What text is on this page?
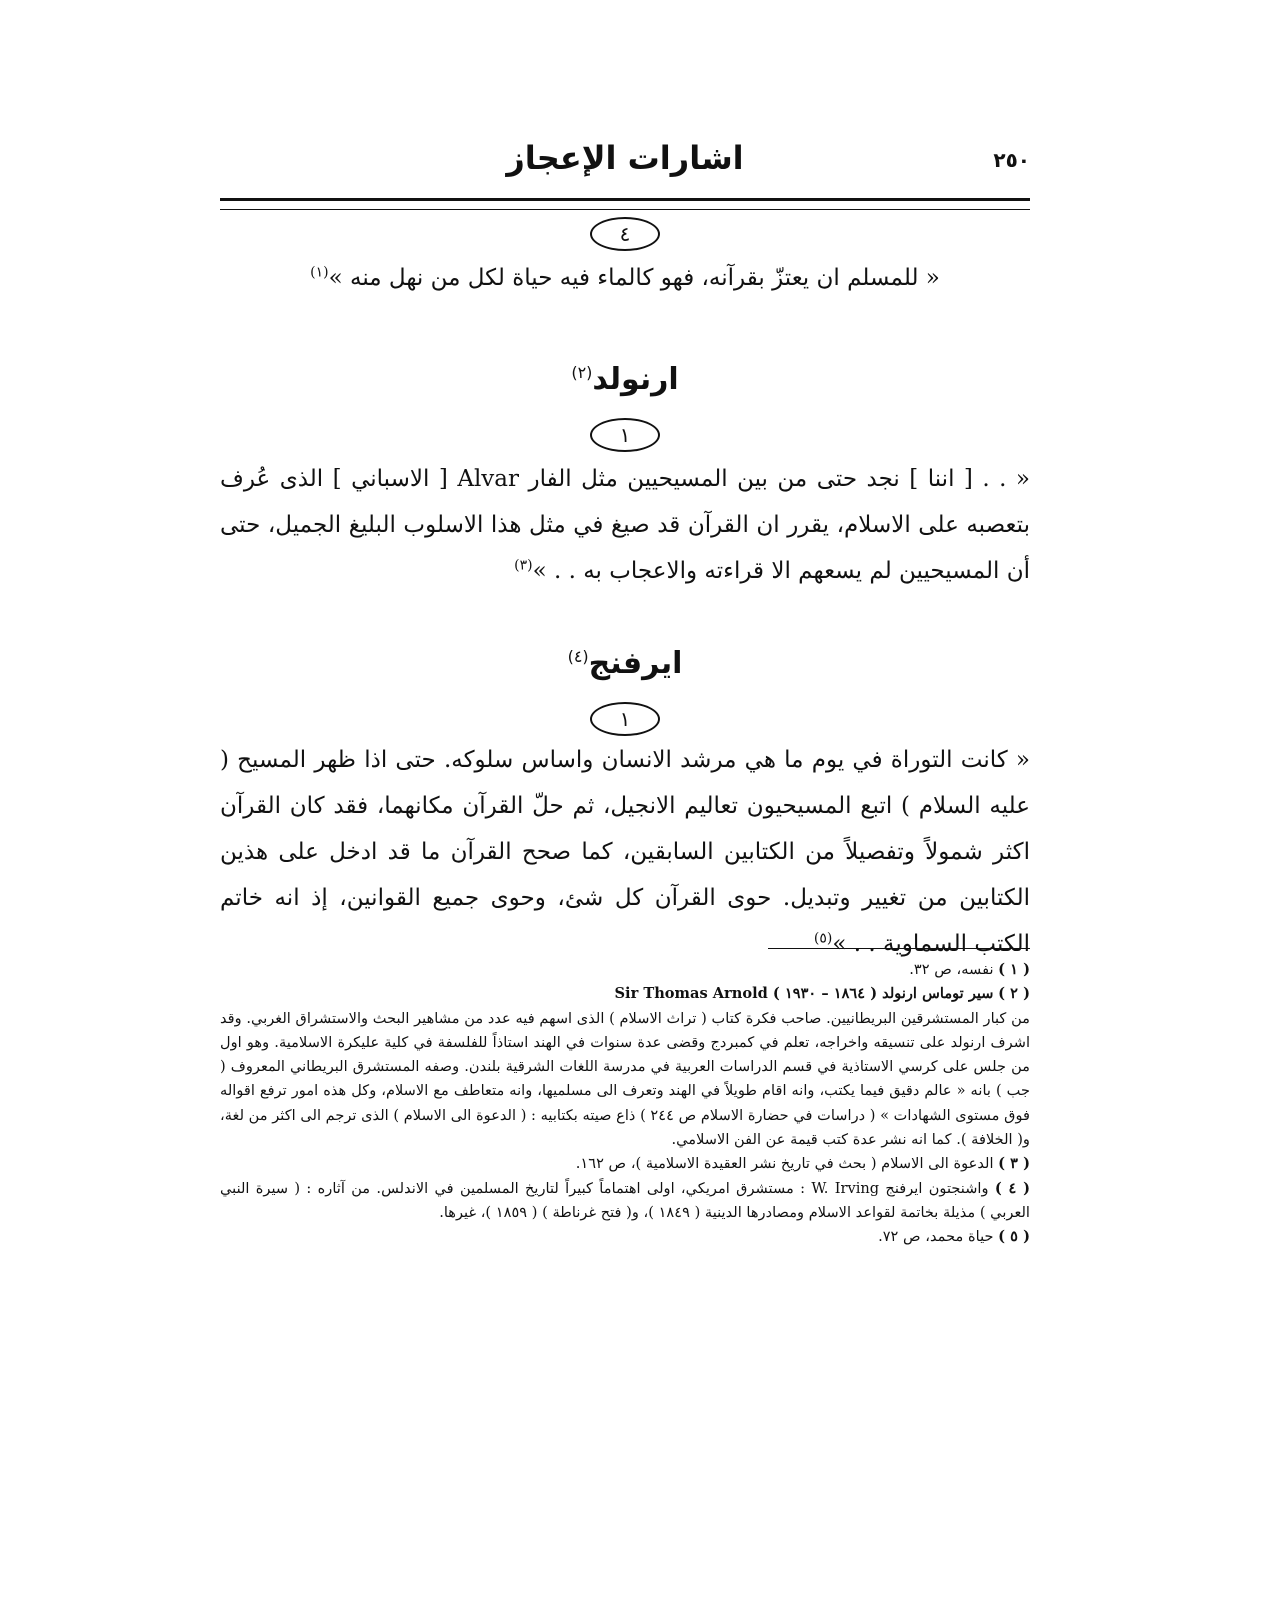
اشارات الإعجاز	٢٥٠
٤
« للمسلم ان يعتزّ بقرآنه، فهو كالماء فيه حياة لكل من نهل منه »$^{(١)}$
ارنولد$^{(٢)}$
١
« . . [ اننا ] نجد حتى من بين المسيحيين مثل الفار Alvar [ الاسباني ] الذى عُرف بتعصبه على الاسلام، يقرر ان القرآن قد صيغ في مثل هذا الاسلوب البليغ الجميل، حتى أن المسيحيين لم يسعهم الا قراءته والاعجاب به . . »$^{(٣)}$
ايرفنج$^{(٤)}$
١
« كانت التوراة في يوم ما هي مرشد الانسان واساس سلوكه. حتى اذا ظهر المسيح ( عليه السلام ) اتبع المسيحيون تعاليم الانجيل، ثم حلّ القرآن مكانهما، فقد كان القرآن اكثر شمولاً وتفصيلاً من الكتابين السابقين، كما صحح القرآن ما قد ادخل على هذين الكتابين من تغيير وتبديل. حوى القرآن كل شئ، وحوى جميع القوانين، إذ انه خاتم الكتب السماوية . . »$^{(٥)}$

( ١ ) نفسه، ص ٣٢.

( ٢ ) سير توماس ارنولد ( ١٨٦٤ – ١٩٣٠ ) Sir Thomas Arnold

من كبار المستشرقين البريطانيين. صاحب فكرة كتاب ( تراث الاسلام ) الذى اسهم فيه عدد من مشاهير البحث والاستشراق الغربي. وقد اشرف ارنولد على تنسيقه واخراجه، تعلم في كمبردج وقضى عدة سنوات في الهند استاذاً للفلسفة في كلية عليكرة الاسلامية. وهو اول من جلس على كرسي الاستاذية في قسم الدراسات العربية في مدرسة اللغات الشرقية بلندن. وصفه المستشرق البريطاني المعروف ( جب ) بانه « عالم دقيق فيما يكتب، وانه اقام طويلاً في الهند وتعرف الى مسلميها، وانه متعاطف مع الاسلام، وكل هذه امور ترفع اقواله فوق مستوى الشهادات » ( دراسات في حضارة الاسلام ص ٢٤٤ ) ذاع صيته بكتابيه : ( الدعوة الى الاسلام ) الذى ترجم الى اكثر من لغة، و( الخلافة ). كما انه نشر عدة كتب قيمة عن الفن الاسلامي.

( ٣ ) الدعوة الى الاسلام ( بحث في تاريخ نشر العقيدة الاسلامية )، ص ١٦٢.

( ٤ ) واشنجتون ايرفنج W. Irving : مستشرق امريكي، اولى اهتماماً كبيراً لتاريخ المسلمين في الاندلس. من آثاره : ( سيرة النبي العربي ) مذيلة بخاتمة لقواعد الاسلام ومصادرها الدينية ( ١٨٤٩ )، و( فتح غرناطة ) ( ١٨٥٩ )، غيرها.

( ٥ ) حياة محمد، ص ٧٢.
